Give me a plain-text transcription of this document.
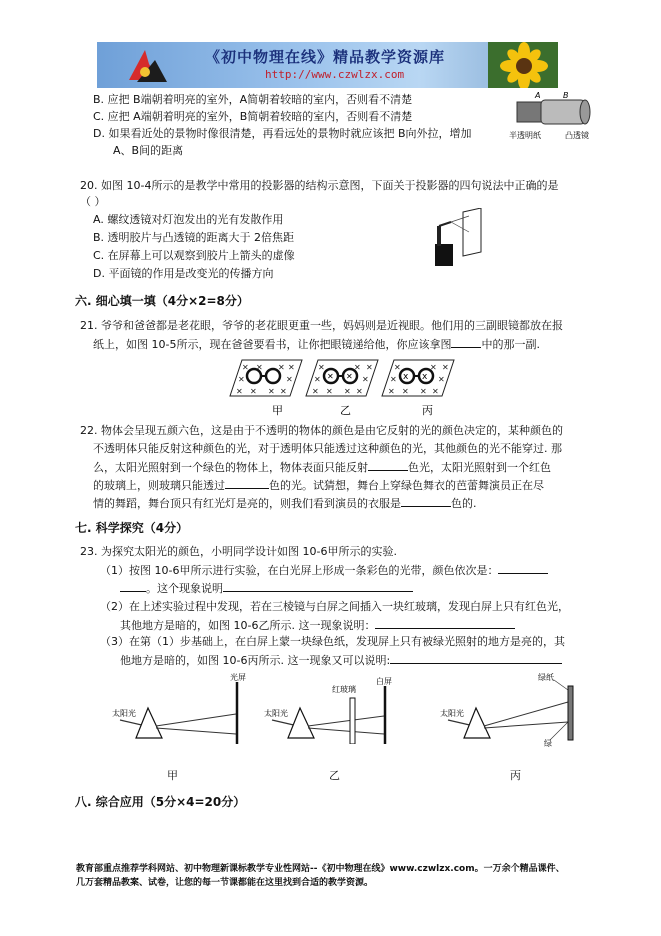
《初中物理在线》精品教学资源库
http://www.czwlzx.com
B. 应把 B端朝着明亮的室外，A简朝着较暗的室内，否则看不清楚
C. 应把 A端朝着明亮的室外，B简朝着较暗的室内，否则看不清楚
D. 如果看近处的景物时像很清楚，再看远处的景物时就应该把 B向外拉，增加
A、B间的距离
A	B
半透明纸	凸透镜
20. 如图 10-4所示的是教学中常用的投影器的结构示意图，下面关于投影器的四句说法中正确的是
（ ）
A. 螺纹透镜对灯泡发出的光有发散作用
B. 透明胶片与凸透镜的距离大于 2倍焦距
C. 在屏幕上可以观察到胶片上箭头的虚像
D. 平面镜的作用是改变光的传播方向
六. 细心填一填（4分×2=8分）
21. 爷爷和爸爸都是老花眼，爷爷的老花眼更重一些，妈妈则是近视眼。他们用的三副眼镜都放在报
纸上，如图 10-5所示，现在爸爸要看书，让你把眼镜递给他，你应该拿图	中的那一副.
✕ ✕ ✕ ✕
✕	✕
✕ ✕ ✕ ✕
✕	✕ ✕
✕	✕
✕ ✕ ✕ ✕
✕ ✕
✕	✕ ✕
✕	✕
✕ ✕ ✕ ✕
x x
甲	乙	丙
22. 物体会呈现五颜六色，这是由于不透明的物体的颜色是由它反射的光的颜色决定的，某种颜色的
不透明体只能反射这种颜色的光，对于透明体只能透过这种颜色的光，其他颜色的光不能穿过. 那
么，太阳光照射到一个绿色的物体上，物体表面只能反射	色光，太阳光照射到一个红色
的玻璃上，则玻璃只能透过	色的光。试猜想，舞台上穿绿色舞衣的芭蕾舞演员正在尽
情的舞蹈，舞台顶只有红光灯是亮的，则我们看到演员的衣服是	色的.
七. 科学探究（4分）
23. 为探究太阳光的颜色，小明同学设计如图 10-6甲所示的实验.
（1）按图 10-6甲所示进行实验，在白光屏上形成一条彩色的光带，颜色依次是：
。这个现象说明
（2）在上述实验过程中发现，若在三棱镜与白屏之间插入一块红玻璃，发现白屏上只有红色光，
其他地方是暗的，如图 10-6乙所示. 这一现象说明：
（3）在第（1）步基础上，在白屏上蒙一块绿色纸，发现屏上只有被绿光照射的地方是亮的，其
他地方是暗的，如图 10-6丙所示. 这一现象又可以说明:
太阳光
光屏
太阳光
红玻璃
白屏
太阳光
绿纸
绿
甲	乙	丙
八. 综合应用（5分×4=20分）
教育部重点推荐学科网站、初中物理新课标教学专业性网站--《初中物理在线》www.czwlzx.com。一万余个精品课件、
几万套精品教案、试卷，让您的每一节课都能在这里找到合适的教学资源。
